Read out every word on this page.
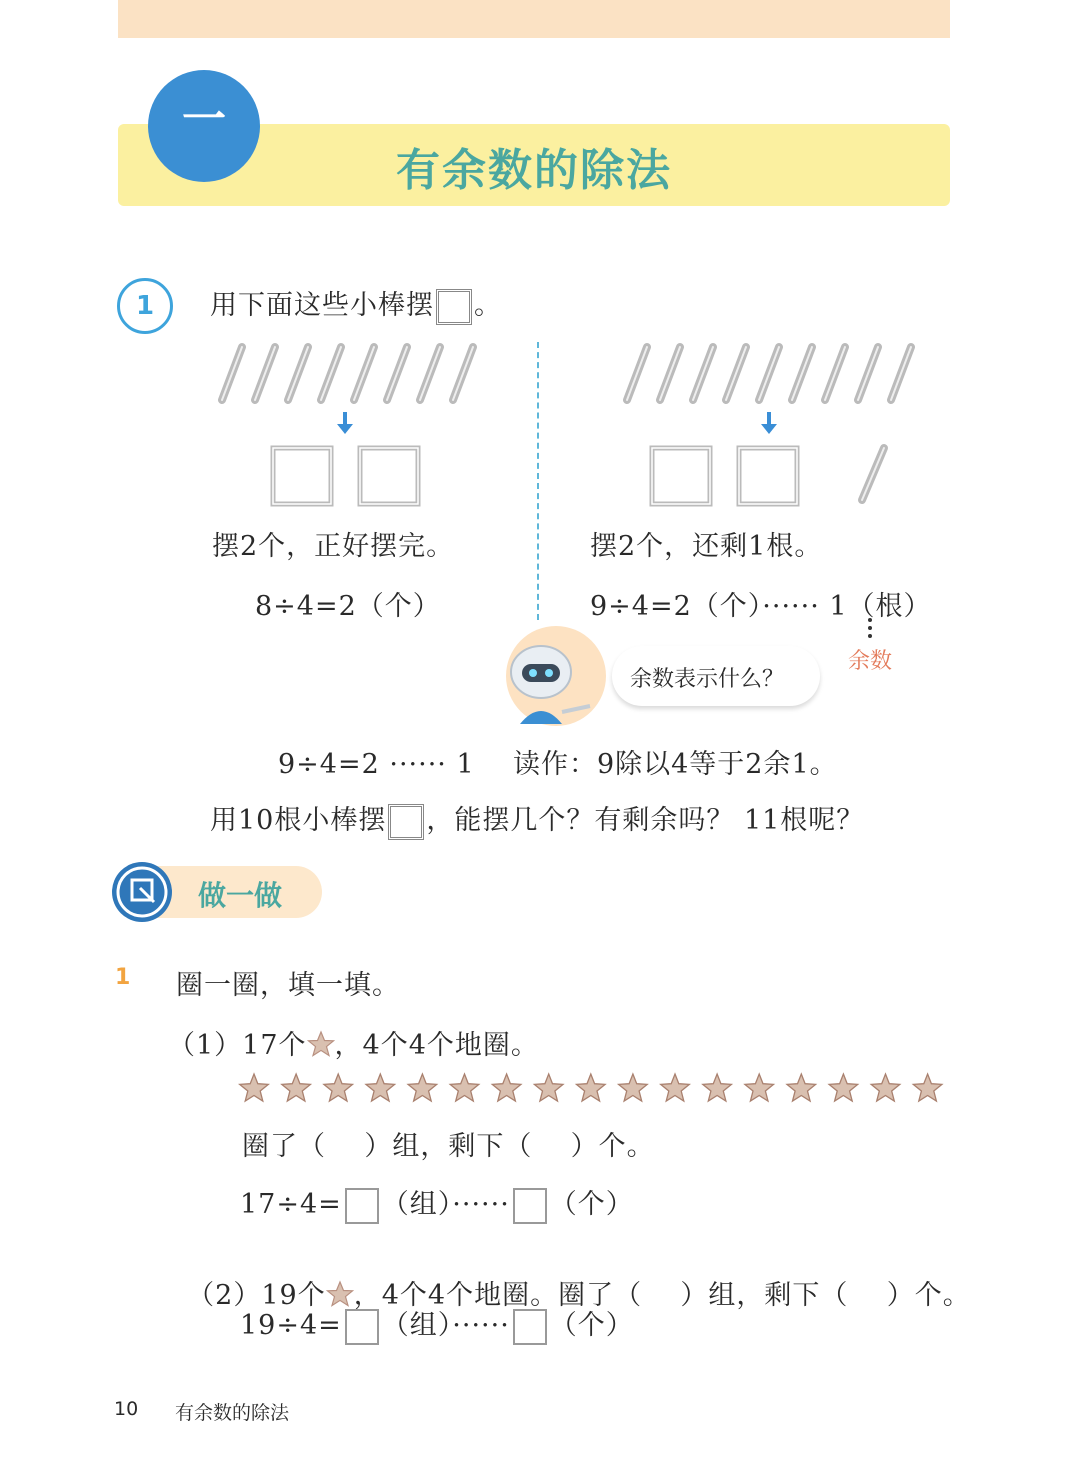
一
有余数的除法
1	用下面这些小棒摆 。
摆2个，正好摆完。
8÷4=2（个）
摆2个，还剩1根。
9÷4=2（个）······ 1（根）
余数
余数表示什么？
9÷4=2 ······ 1    读作：9除以4等于2余1。
用10根小棒摆 ，能摆几个？有剩余吗？ 11根呢？
做一做
1 圈一圈，填一填。
（1）17个 ，4个4个地圈。
圈了（    ）组，剩下（    ）个。
17÷4= （组）······ （个）

（2）19个 ，4个4个地圈。圈了（    ）组，剩下（    ）个。

19÷4= （组）······ （个）
10 有余数的除法
